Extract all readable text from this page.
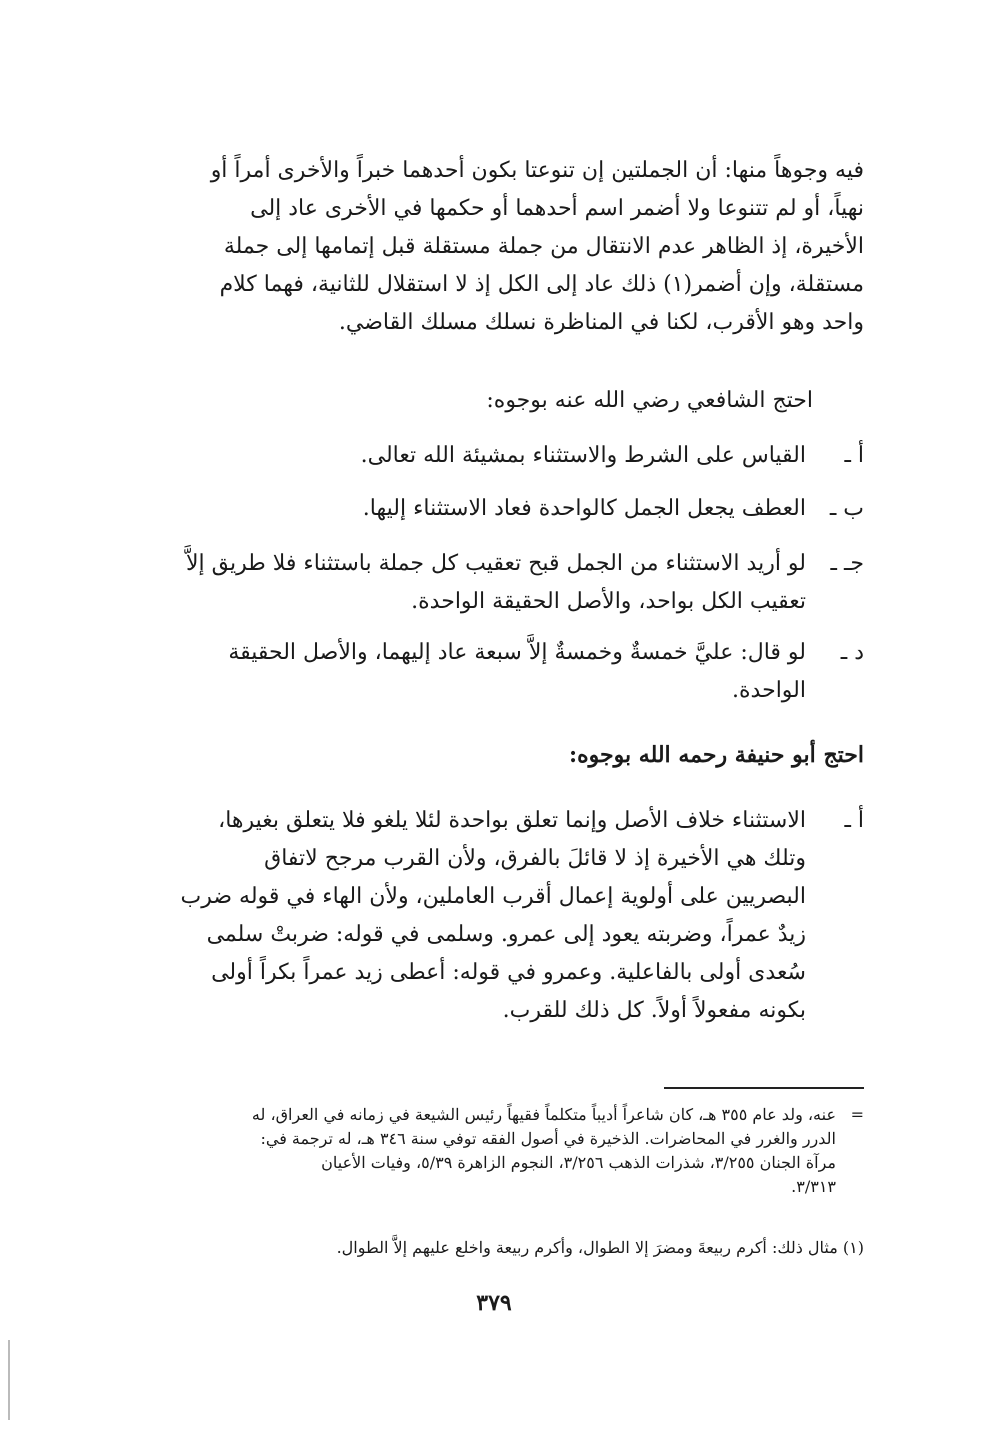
فيه وجوهاً منها: أن الجملتين إن تنوعتا بكون أحدهما خبراً والأخرى أمراً أو
نهياً، أو لم تتنوعا ولا أضمر اسم أحدهما أو حكمها في الأخرى عاد إلى
الأخيرة، إذ الظاهر عدم الانتقال من جملة مستقلة قبل إتمامها إلى جملة
مستقلة، وإن أضمر(١) ذلك عاد إلى الكل إذ لا استقلال للثانية، فهما كلام
واحد وهو الأقرب، لكنا في المناظرة نسلك مسلك القاضي.
احتج الشافعي رضي الله عنه بوجوه:
أ ـ
القياس على الشرط والاستثناء بمشيئة الله تعالى.
ب ـ
العطف يجعل الجمل كالواحدة فعاد الاستثناء إليها.
جـ ـ
لو أريد الاستثناء من الجمل قبح تعقيب كل جملة باستثناء فلا طريق إلاَّ
تعقيب الكل بواحد، والأصل الحقيقة الواحدة.
د ـ
لو قال: عليَّ خمسةٌ وخمسةٌ إلاَّ سبعة عاد إليهما، والأصل الحقيقة
الواحدة.
احتج أبو حنيفة رحمه الله بوجوه:
أ ـ
الاستثناء خلاف الأصل وإنما تعلق بواحدة لئلا يلغو فلا يتعلق بغيرها،
وتلك هي الأخيرة إذ لا قائلَ بالفرق، ولأن القرب مرجح لاتفاق
البصريين على أولوية إعمال أقرب العاملين، ولأن الهاء في قوله ضرب
زيدٌ عمراً، وضربته يعود إلى عمرو. وسلمى في قوله: ضربتْ سلمى
سُعدى أولى بالفاعلية. وعمرو في قوله: أعطى زيد عمراً بكراً أولى
بكونه مفعولاً أولاً. كل ذلك للقرب.
=
عنه، ولد عام ٣٥٥ هـ، كان شاعراً أديباً متكلماً فقيهاً رئيس الشيعة في زمانه في العراق، له
الدرر والغرر في المحاضرات. الذخيرة في أصول الفقه توفي سنة ٣٤٦ هـ، له ترجمة في:
مرآة الجنان ٣/٢٥٥، شذرات الذهب ٣/٢٥٦، النجوم الزاهرة ٥/٣٩، وفيات الأعيان
٣/٣١٣.
(١) مثال ذلك: أكرم ربيعةَ ومضرَ إلا الطوال، وأكرم ربيعة واخلع عليهم إلاَّ الطوال.
٣٧٩
